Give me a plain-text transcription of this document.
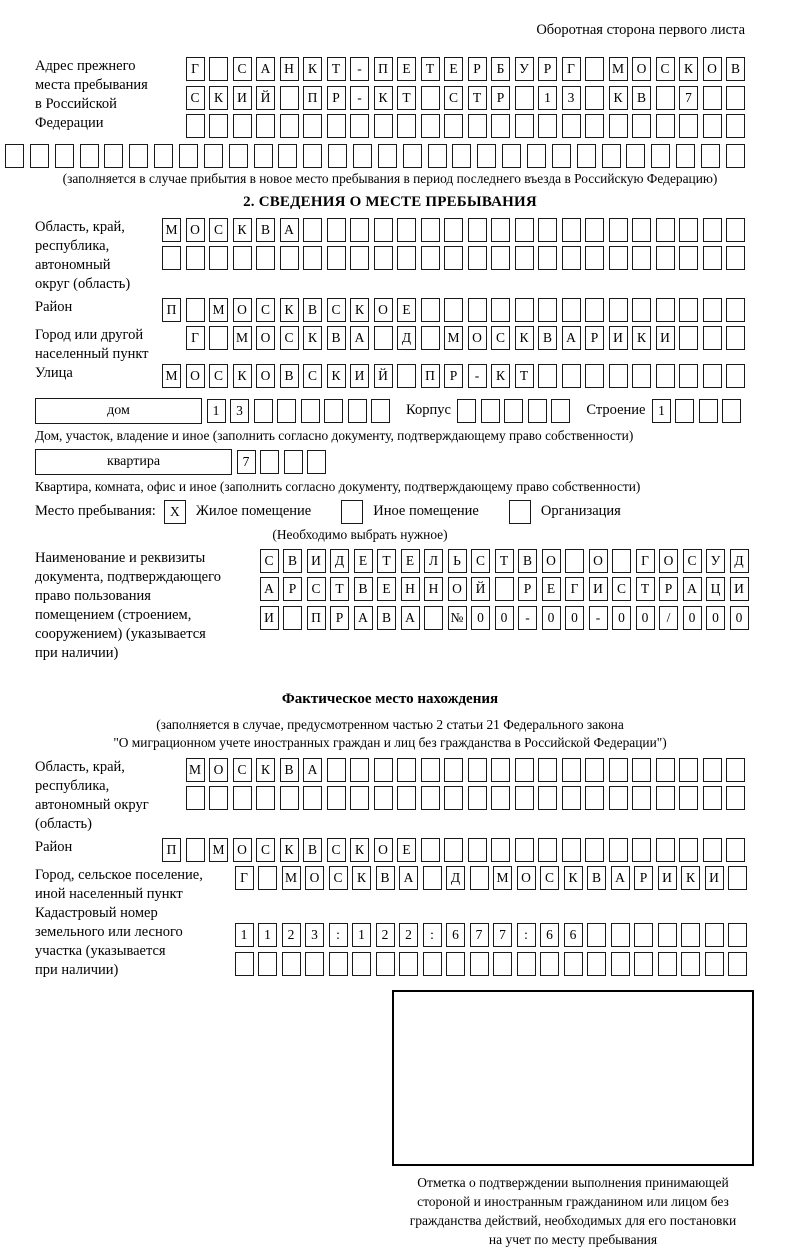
Оборотная сторона первого листа
Адрес прежнего
места пребывания
в Российской
Федерации
Г	С	А	Н	К	Т	-	П	Е	Т	Е	Р	Б	У	Р	Г	М О	С	К	О	В
С	К	И	Й	П	Р	-	К	Т	С	Т	Р	1	3	К	В	7
(заполняется в случае прибытия в новое место пребывания в период последнего въезда в Российскую Федерацию)
2. СВЕДЕНИЯ О МЕСТЕ ПРЕБЫВАНИЯ
Область, край,
республика,
автономный
округ (область)
М О	С	К	В	А
Район	П	М О	С	К	В	С	К	О	Е
Город или другой
населенный пункт
Г	М О	С	К	В	А	Д	М О	С	К	В	А	Р	И	К	И
Улица	М О	С	К	О	В	С	К	И	Й	П	Р	-	К	Т
дом	1	3	Корпус	Строение 1
Дом, участок, владение и иное (заполнить согласно документу, подтверждающему право собственности)
квартира	7
Квартира, комната, офис и иное (заполнить согласно документу, подтверждающему право собственности)
Место пребывания:	X	Жилое помещение	Иное помещение	Организация
(Необходимо выбрать нужное)
Наименование и реквизиты
документа, подтверждающего
право пользования
помещением (строением,
сооружением) (указывается
при наличии)
С	В	И	Д	Е	Т	Е	Л	Ь	С	Т	В	О	О	Г	О	С	У	Д
А	Р	С	Т	В	Е	Н	Н	О	Й	Р	Е	Г	И	С	Т	Р	А	Ц	И
И	П	Р	А	В	А	№	0	0	-	0	0	-	0	0	/	0	0	0
Фактическое место нахождения
(заполняется в случае, предусмотренном частью 2 статьи 21 Федерального закона
"О миграционном учете иностранных граждан и лиц без гражданства в Российской Федерации")
Область, край,
республика,
автономный округ
(область)
М О	С	К	В	А
Район	П	М О	С	К	В	С	К	О	Е
Город, сельское поселение,
иной населенный пункт
Г	М О	С	К	В	А	Д	М О	С	К	В	А	Р	И	К	И
Кадастровый номер
земельного или лесного
участка (указывается
при наличии)
1	1	2	3	:	1	2	2	:	6	7	7	:	6	6
Отметка о подтверждении выполнения принимающей
стороной и иностранным гражданином или лицом без
гражданства действий, необходимых для его постановки
на учет по месту пребывания
